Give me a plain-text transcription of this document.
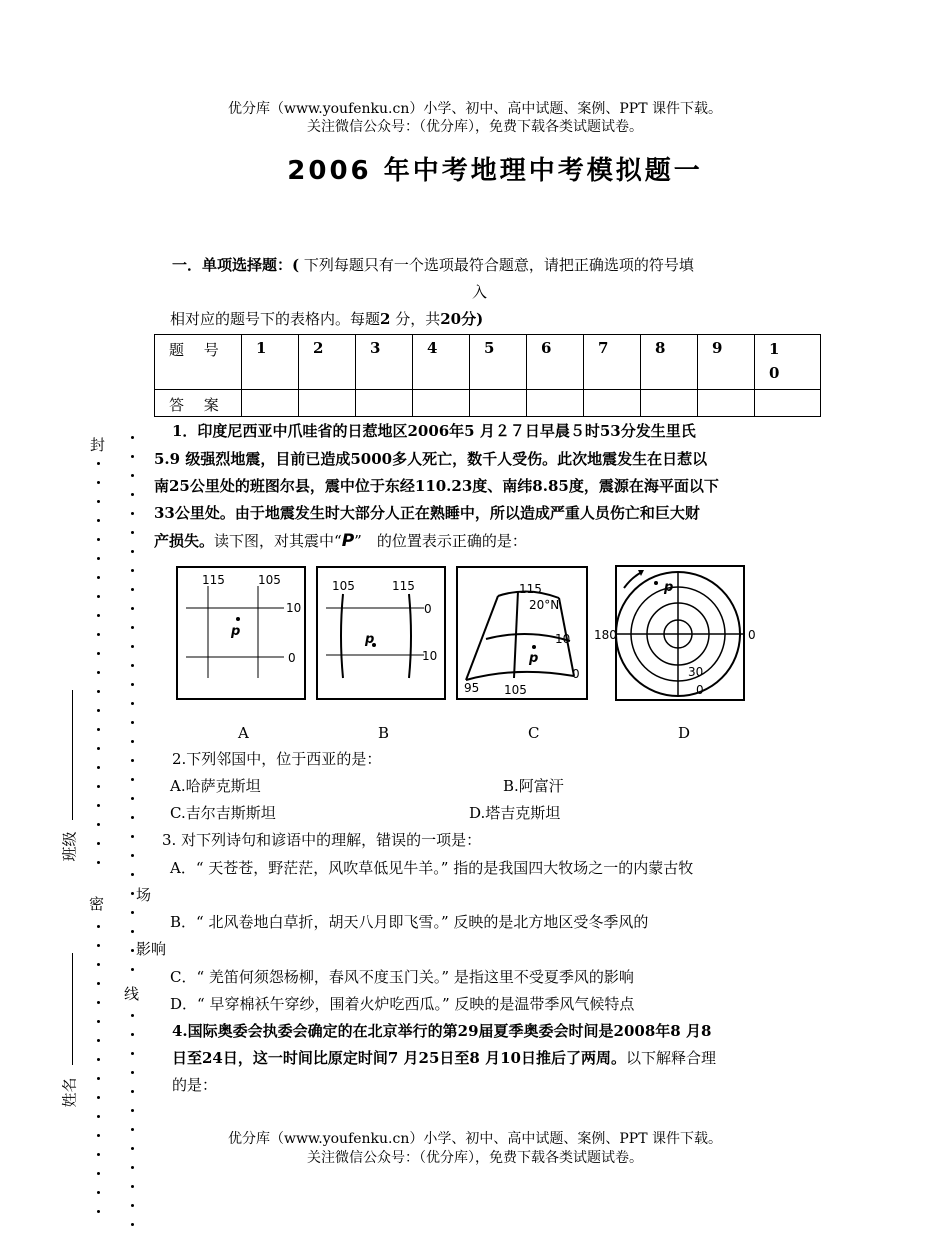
优分库（www.youfenku.cn）小学、初中、高中试题、案例、PPT 课件下载。
关注微信公众号：（优分库），免费下载各类试题试卷。
2006 年中考地理中考模拟题一
一．单项选择题：( 下列每题只有一个选项最符合题意，请把正确选项的符号填
入
相对应的题号下的表格内。每题2 分，共20分)
题　 号	1	2	3	4	5	6	7	8	9	1
0
答　 案										
1．印度尼西亚中爪哇省的日惹地区2006年5 月２７日早晨５时53分发生里氏
5.9 级强烈地震，目前已造成5000多人死亡，数千人受伤。此次地震发生在日惹以
南25公里处的班图尔县，震中位于东经110.23度、南纬8.85度，震源在海平面以下
33公里处。由于地震发生时大部分人正在熟睡中，所以造成严重人员伤亡和巨大财
产损失。读下图，对其震中“P”　的位置表示正确的是：
115	105
10
0
p
105	115
0
10
p
115
20°N
10
0
95 105
p
180	0
30
0
p
A	B	C	D
2.下列邻国中，位于西亚的是：
A.哈萨克斯坦	B.阿富汗
C.吉尔吉斯斯坦	D.塔吉克斯坦
3. 对下列诗句和谚语中的理解，错误的一项是：
A．“ 天苍苍，野茫茫，风吹草低见牛羊。” 指的是我国四大牧场之一的内蒙古牧
场
B．“ 北风卷地白草折，胡天八月即飞雪。” 反映的是北方地区受冬季风的
影响
C．“ 羌笛何须怨杨柳，春风不度玉门关。” 是指这里不受夏季风的影响
D．“ 早穿棉袄午穿纱，围着火炉吃西瓜。” 反映的是温带季风气候特点
4.国际奥委会执委会确定的在北京举行的第29届夏季奥委会时间是2008年8 月8
日至24日，这一时间比原定时间7 月25日至8 月10日推后了两周。以下解释合理
的是：
优分库（www.youfenku.cn）小学、初中、高中试题、案例、PPT 课件下载。
关注微信公众号：（优分库），免费下载各类试题试卷。
封
密
线
班级
姓名
